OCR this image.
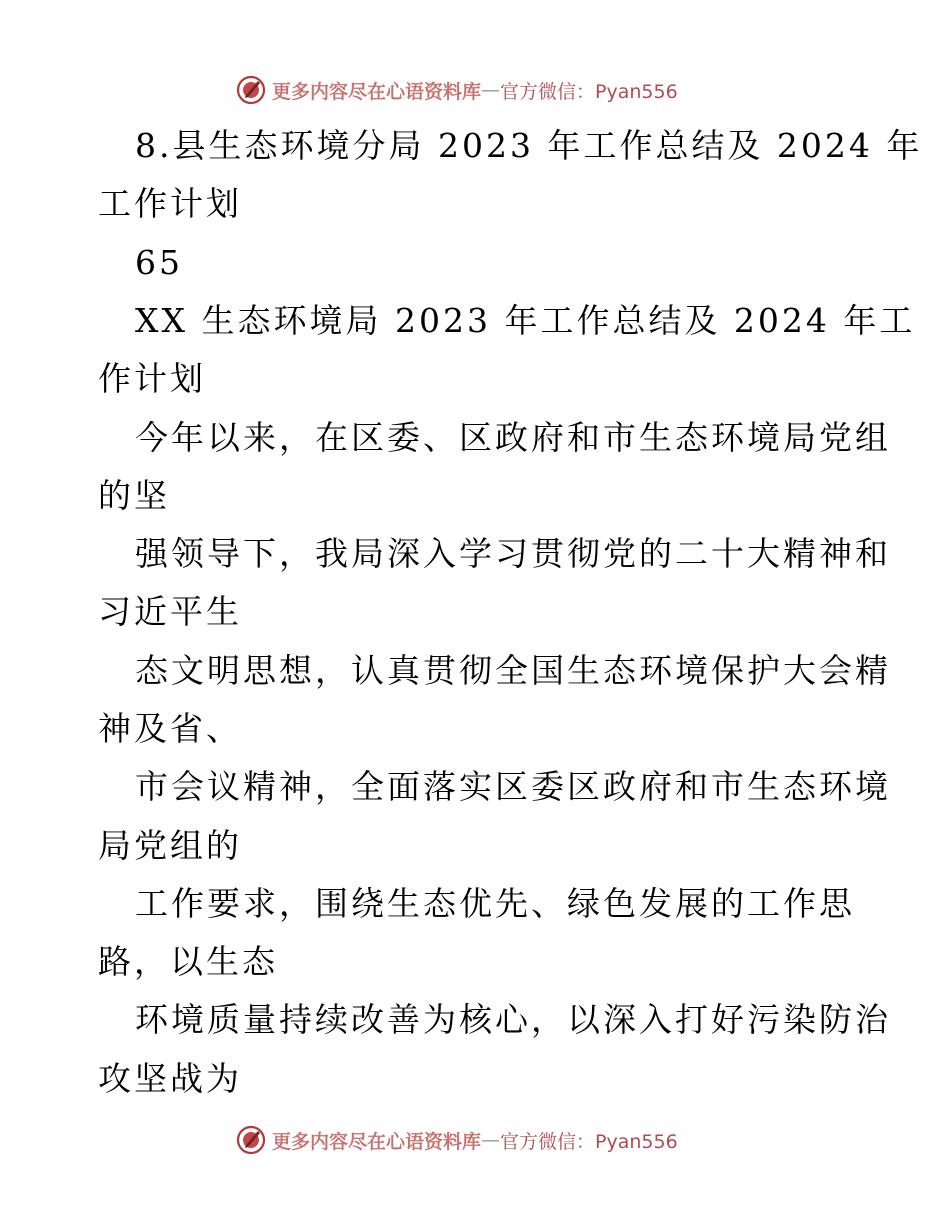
更多内容尽在心语资料库 — 官方微信：Pyan556
8.县生态环境分局 2023 年工作总结及 2024 年
工作计划
65
XX 生态环境局 2023 年工作总结及 2024 年工
作计划
今年以来，在区委、区政府和市生态环境局党组
的坚
强领导下，我局深入学习贯彻党的二十大精神和
习近平生
态文明思想，认真贯彻全国生态环境保护大会精
神及省、
市会议精神，全面落实区委区政府和市生态环境
局党组的
工作要求，围绕生态优先、绿色发展的工作思
路，以生态
环境质量持续改善为核心，以深入打好污染防治
攻坚战为
更多内容尽在心语资料库 — 官方微信：Pyan556
